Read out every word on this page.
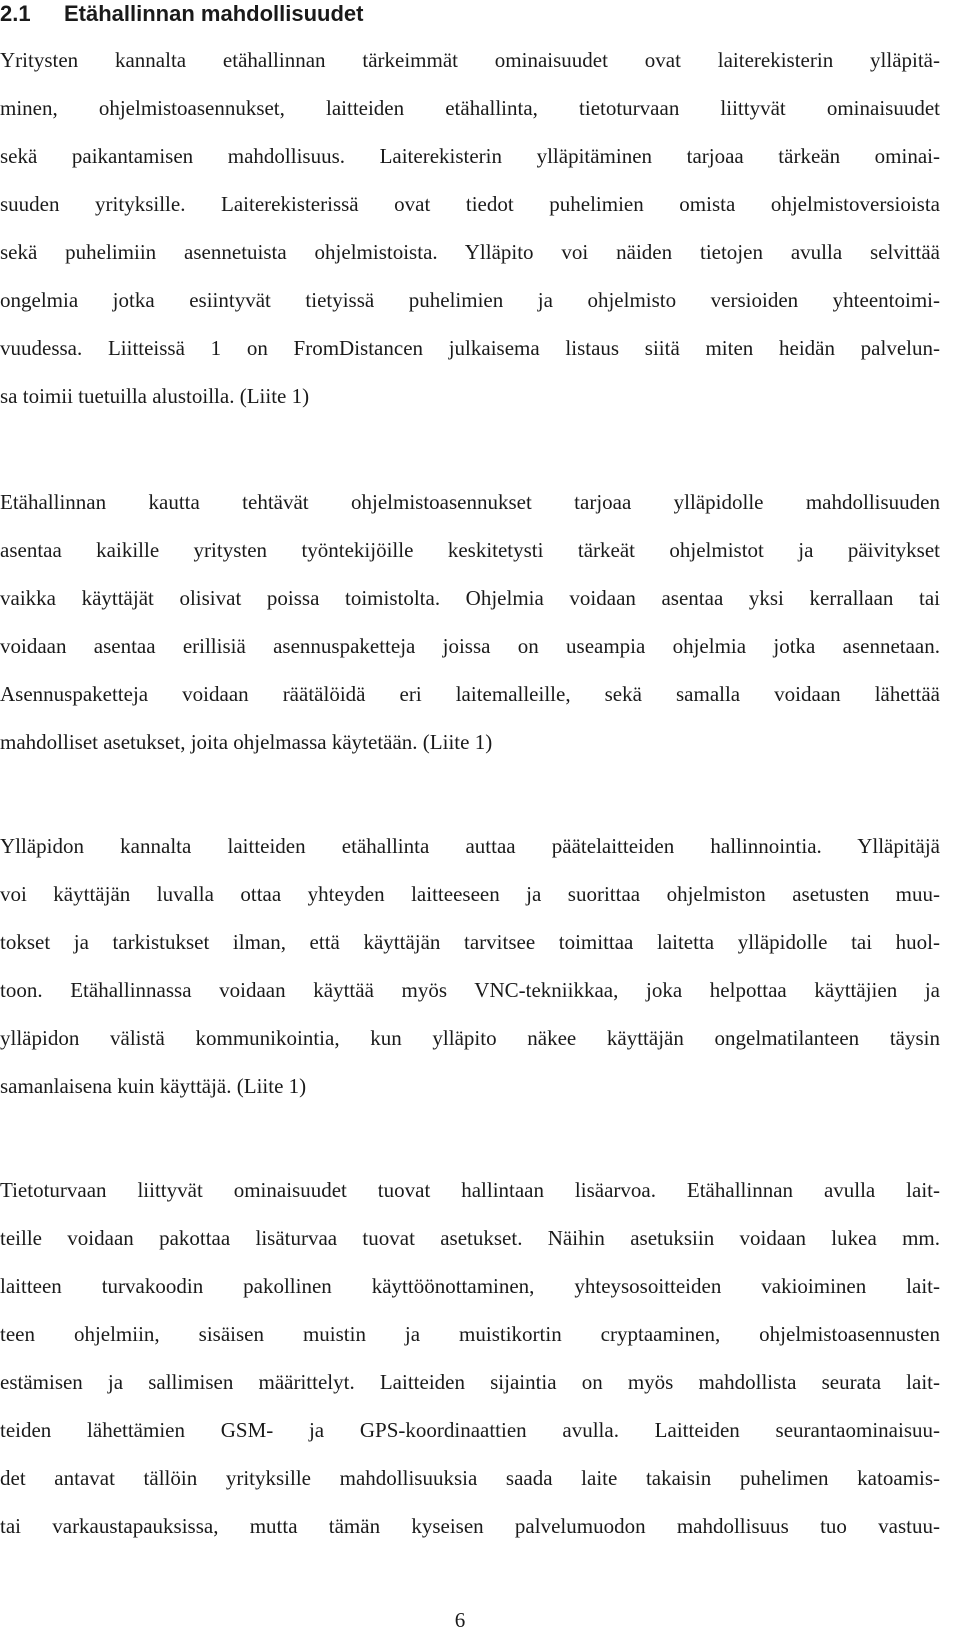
2.1 Etähallinnan mahdollisuudet
Yritysten kannalta etähallinnan tärkeimmät ominaisuudet ovat laiterekisterin ylläpitä-
minen, ohjelmistoasennukset, laitteiden etähallinta, tietoturvaan liittyvät ominaisuudet
sekä paikantamisen mahdollisuus. Laiterekisterin ylläpitäminen tarjoaa tärkeän ominai-
suuden yrityksille. Laiterekisterissä ovat tiedot puhelimien omista ohjelmistoversioista
sekä puhelimiin asennetuista ohjelmistoista. Ylläpito voi näiden tietojen avulla selvittää
ongelmia jotka esiintyvät tietyissä puhelimien ja ohjelmisto versioiden yhteentoimi-
vuudessa. Liitteissä 1 on FromDistancen julkaisema listaus siitä miten heidän palvelun-
sa toimii tuetuilla alustoilla. (Liite 1)
Etähallinnan kautta tehtävät ohjelmistoasennukset tarjoaa ylläpidolle mahdollisuuden
asentaa kaikille yritysten työntekijöille keskitetysti tärkeät ohjelmistot ja päivitykset
vaikka käyttäjät olisivat poissa toimistolta. Ohjelmia voidaan asentaa yksi kerrallaan tai
voidaan asentaa erillisiä asennuspaketteja joissa on useampia ohjelmia jotka asennetaan.
Asennuspaketteja voidaan räätälöidä eri laitemalleille, sekä samalla voidaan lähettää
mahdolliset asetukset, joita ohjelmassa käytetään. (Liite 1)
Ylläpidon kannalta laitteiden etähallinta auttaa päätelaitteiden hallinnointia. Ylläpitäjä
voi käyttäjän luvalla ottaa yhteyden laitteeseen ja suorittaa ohjelmiston asetusten muu-
tokset ja tarkistukset ilman, että käyttäjän tarvitsee toimittaa laitetta ylläpidolle tai huol-
toon. Etähallinnassa voidaan käyttää myös VNC-tekniikkaa, joka helpottaa käyttäjien ja
ylläpidon välistä kommunikointia, kun ylläpito näkee käyttäjän ongelmatilanteen täysin
samanlaisena kuin käyttäjä. (Liite 1)
Tietoturvaan liittyvät ominaisuudet tuovat hallintaan lisäarvoa. Etähallinnan avulla lait-
teille voidaan pakottaa lisäturvaa tuovat asetukset. Näihin asetuksiin voidaan lukea mm.
laitteen turvakoodin pakollinen käyttöönottaminen, yhteysosoitteiden vakioiminen lait-
teen ohjelmiin, sisäisen muistin ja muistikortin cryptaaminen, ohjelmistoasennusten
estämisen ja sallimisen määrittelyt. Laitteiden sijaintia on myös mahdollista seurata lait-
teiden lähettämien GSM- ja GPS-koordinaattien avulla. Laitteiden seurantaominaisuu-
det antavat tällöin yrityksille mahdollisuuksia saada laite takaisin puhelimen katoamis-
tai varkaustapauksissa, mutta tämän kyseisen palvelumuodon mahdollisuus tuo vastuu-
6
